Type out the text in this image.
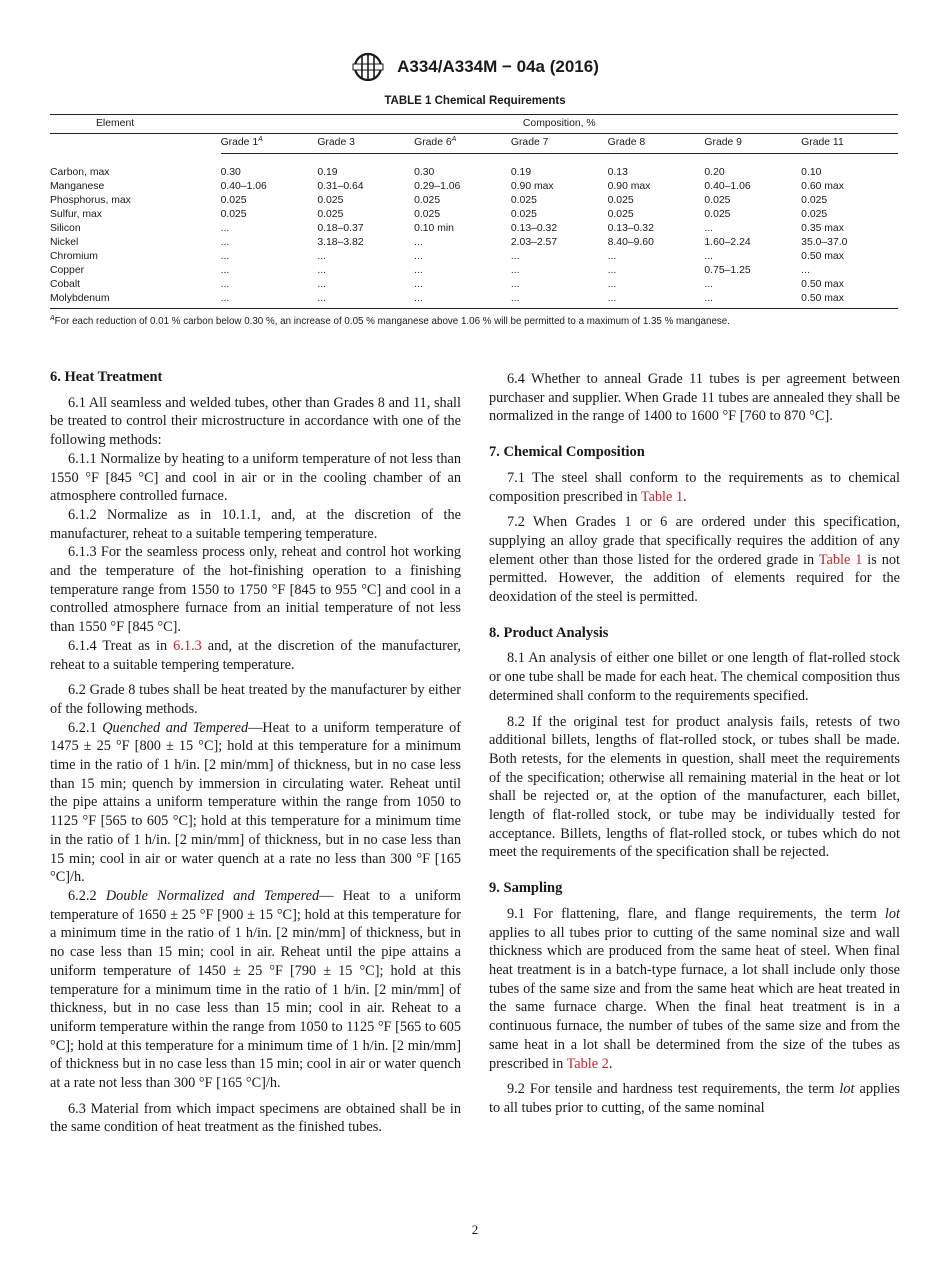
A334/A334M − 04a (2016)
TABLE 1 Chemical Requirements
Element	Composition, %						
	Grade $1^A$	Grade 3	Grade $6^A$	Grade 7	Grade 8	Grade 9	Grade 11

Carbon, max	0.30	0.19	0.30	0.19	0.13	0.20	0.10
Manganese	0.40–1.06	0.31–0.64	0.29–1.06	0.90 max	0.90 max	0.40–1.06	0.60 max
Phosphorus, max	0.025	0.025	0.025	0.025	0.025	0.025	0.025
Sulfur, max	0.025	0.025	0.025	0.025	0.025	0.025	0.025
Silicon	...	0.18–0.37	0.10 min	0.13–0.32	0.13–0.32	...	0.35 max
Nickel	...	3.18–3.82	...	2.03–2.57	8.40–9.60	1.60–2.24	35.0–37.0
Chromium	...	...	...	...	...	...	0.50 max
Copper	...	...	...	...	...	0.75–1.25	...
Cobalt	...	...	...	...	...	...	0.50 max
Molybdenum	...	...	...	...	...	...	0.50 max
$^A$For each reduction of 0.01 % carbon below 0.30 %, an increase of 0.05 % manganese above 1.06 % will be permitted to a maximum of 1.35 % manganese.
6. Heat Treatment

6.1 All seamless and welded tubes, other than Grades 8 and 11, shall be treated to control their microstructure in accordance with one of the following methods:

6.1.1 Normalize by heating to a uniform temperature of not less than 1550 °F [845 °C] and cool in air or in the cooling chamber of an atmosphere controlled furnace.

6.1.2 Normalize as in 10.1.1, and, at the discretion of the manufacturer, reheat to a suitable tempering temperature.

6.1.3 For the seamless process only, reheat and control hot working and the temperature of the hot-finishing operation to a finishing temperature range from 1550 to 1750 °F [845 to 955 °C] and cool in a controlled atmosphere furnace from an initial temperature of not less than 1550 °F [845 °C].

6.1.4 Treat as in 6.1.3 and, at the discretion of the manufacturer, reheat to a suitable tempering temperature.

6.2 Grade 8 tubes shall be heat treated by the manufacturer by either of the following methods.

6.2.1 Quenched and Tempered—Heat to a uniform temperature of 1475 ± 25 °F [800 ± 15 °C]; hold at this temperature for a minimum time in the ratio of 1 h/in. [2 min/mm] of thickness, but in no case less than 15 min; quench by immersion in circulating water. Reheat until the pipe attains a uniform temperature within the range from 1050 to 1125 °F [565 to 605 °C]; hold at this temperature for a minimum time in the ratio of 1 h/in. [2 min/mm] of thickness, but in no case less than 15 min; cool in air or water quench at a rate no less than 300 °F [165 °C]/h.

6.2.2 Double Normalized and Tempered— Heat to a uniform temperature of 1650 ± 25 °F [900 ± 15 °C]; hold at this temperature for a minimum time in the ratio of 1 h/in. [2 min/mm] of thickness, but in no case less than 15 min; cool in air. Reheat until the pipe attains a uniform temperature of 1450 ± 25 °F [790 ± 15 °C]; hold at this temperature for a minimum time in the ratio of 1 h/in. [2 min/mm] of thickness, but in no case less than 15 min; cool in air. Reheat to a uniform temperature within the range from 1050 to 1125 °F [565 to 605 °C]; hold at this temperature for a minimum time of 1 h/in. [2 min/mm] of thickness but in no case less than 15 min; cool in air or water quench at a rate not less than 300 °F [165 °C]/h.

6.3 Material from which impact specimens are obtained shall be in the same condition of heat treatment as the finished tubes.

6.4 Whether to anneal Grade 11 tubes is per agreement between purchaser and supplier. When Grade 11 tubes are annealed they shall be normalized in the range of 1400 to 1600 °F [760 to 870 °C].

7. Chemical Composition

7.1 The steel shall conform to the requirements as to chemical composition prescribed in Table 1.

7.2 When Grades 1 or 6 are ordered under this specification, supplying an alloy grade that specifically requires the addition of any element other than those listed for the ordered grade in Table 1 is not permitted. However, the addition of elements required for the deoxidation of the steel is permitted.

8. Product Analysis

8.1 An analysis of either one billet or one length of flat-rolled stock or one tube shall be made for each heat. The chemical composition thus determined shall conform to the requirements specified.

8.2 If the original test for product analysis fails, retests of two additional billets, lengths of flat-rolled stock, or tubes shall be made. Both retests, for the elements in question, shall meet the requirements of the specification; otherwise all remaining material in the heat or lot shall be rejected or, at the option of the manufacturer, each billet, length of flat-rolled stock, or tube may be individually tested for acceptance. Billets, lengths of flat-rolled stock, or tubes which do not meet the requirements of the specification shall be rejected.

9. Sampling

9.1 For flattening, flare, and flange requirements, the term lot applies to all tubes prior to cutting of the same nominal size and wall thickness which are produced from the same heat of steel. When final heat treatment is in a batch-type furnace, a lot shall include only those tubes of the same size and from the same heat which are heat treated in the same furnace charge. When the final heat treatment is in a continuous furnace, the number of tubes of the same size and from the same heat in a lot shall be determined from the size of the tubes as prescribed in Table 2.

9.2 For tensile and hardness test requirements, the term lot applies to all tubes prior to cutting, of the same nominal

2
